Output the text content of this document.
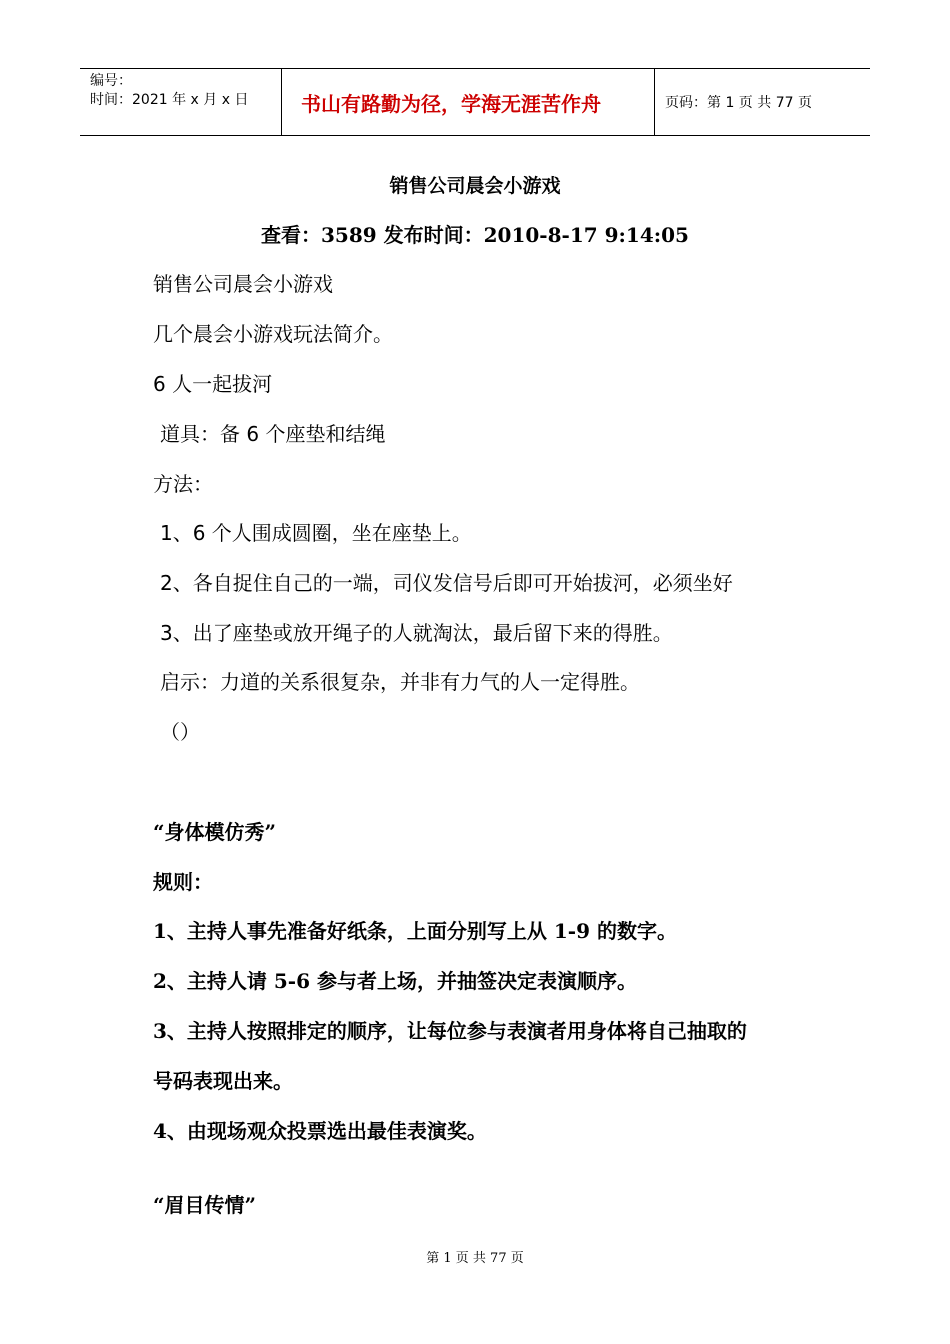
编号：
时间：2021 年 x 月 x 日	书山有路勤为径，学海无涯苦作舟	页码：第 1 页 共 77 页
销售公司晨会小游戏
查看：3589 发布时间：2010-8-17 9:14:05
销售公司晨会小游戏
几个晨会小游戏玩法简介。
6 人一起拔河
道具：备 6 个座垫和结绳
方法：
1、6 个人围成圆圈，坐在座垫上。
2、各自捉住自己的一端，司仪发信号后即可开始拔河，必须坐好
3、出了座垫或放开绳子的人就淘汰，最后留下来的得胜。
启示：力道的关系很复杂，并非有力气的人一定得胜。
（）
“身体模仿秀”
规则：
1、主持人事先准备好纸条，上面分别写上从 1-9 的数字。
2、主持人请 5-6 参与者上场，并抽签决定表演顺序。
3、主持人按照排定的顺序，让每位参与表演者用身体将自己抽取的
号码表现出来。
4、由现场观众投票选出最佳表演奖。
“眉目传情”
第 1 页 共 77 页
